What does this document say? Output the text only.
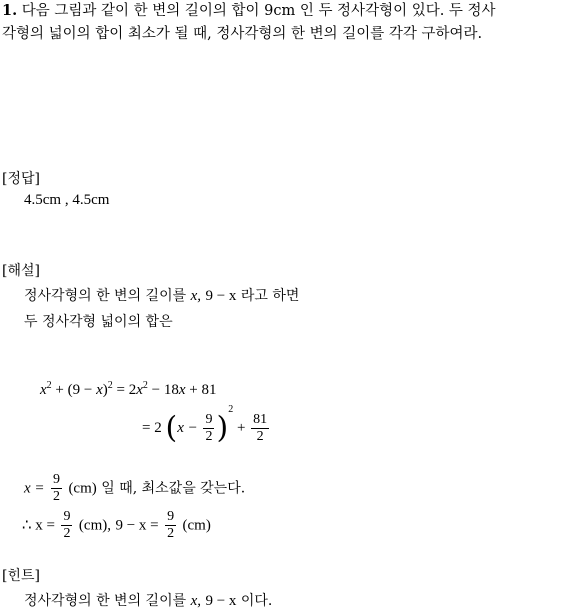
1. 다음 그림과 같이 한 변의 길이의 합이 9cm 인 두 정사각형이 있다. 두 정사
각형의 넓이의 합이 최소가 될 때, 정사각형의 한 변의 길이를 각각 구하여라.
[정답]
4.5cm , 4.5cm
[해설]
정사각형의 한 변의 길이를 x, 9 − x 라고 하면
두 정사각형 넓이의 합은
$x^2 + (9 - x)^2 = 2x^2 - 18x + 81$
= 2 $(x - \frac{9}{2} )^2 + \frac{81}{2}$
$x = \frac{9}{2} (cm)$ 일 때, 최소값을 갖는다.
∴ $x = \frac{9}{2} (cm)$, $9 - x = \frac{9}{2} (cm)$
[힌트]
정사각형의 한 변의 길이를 x, 9 − x 이다.
